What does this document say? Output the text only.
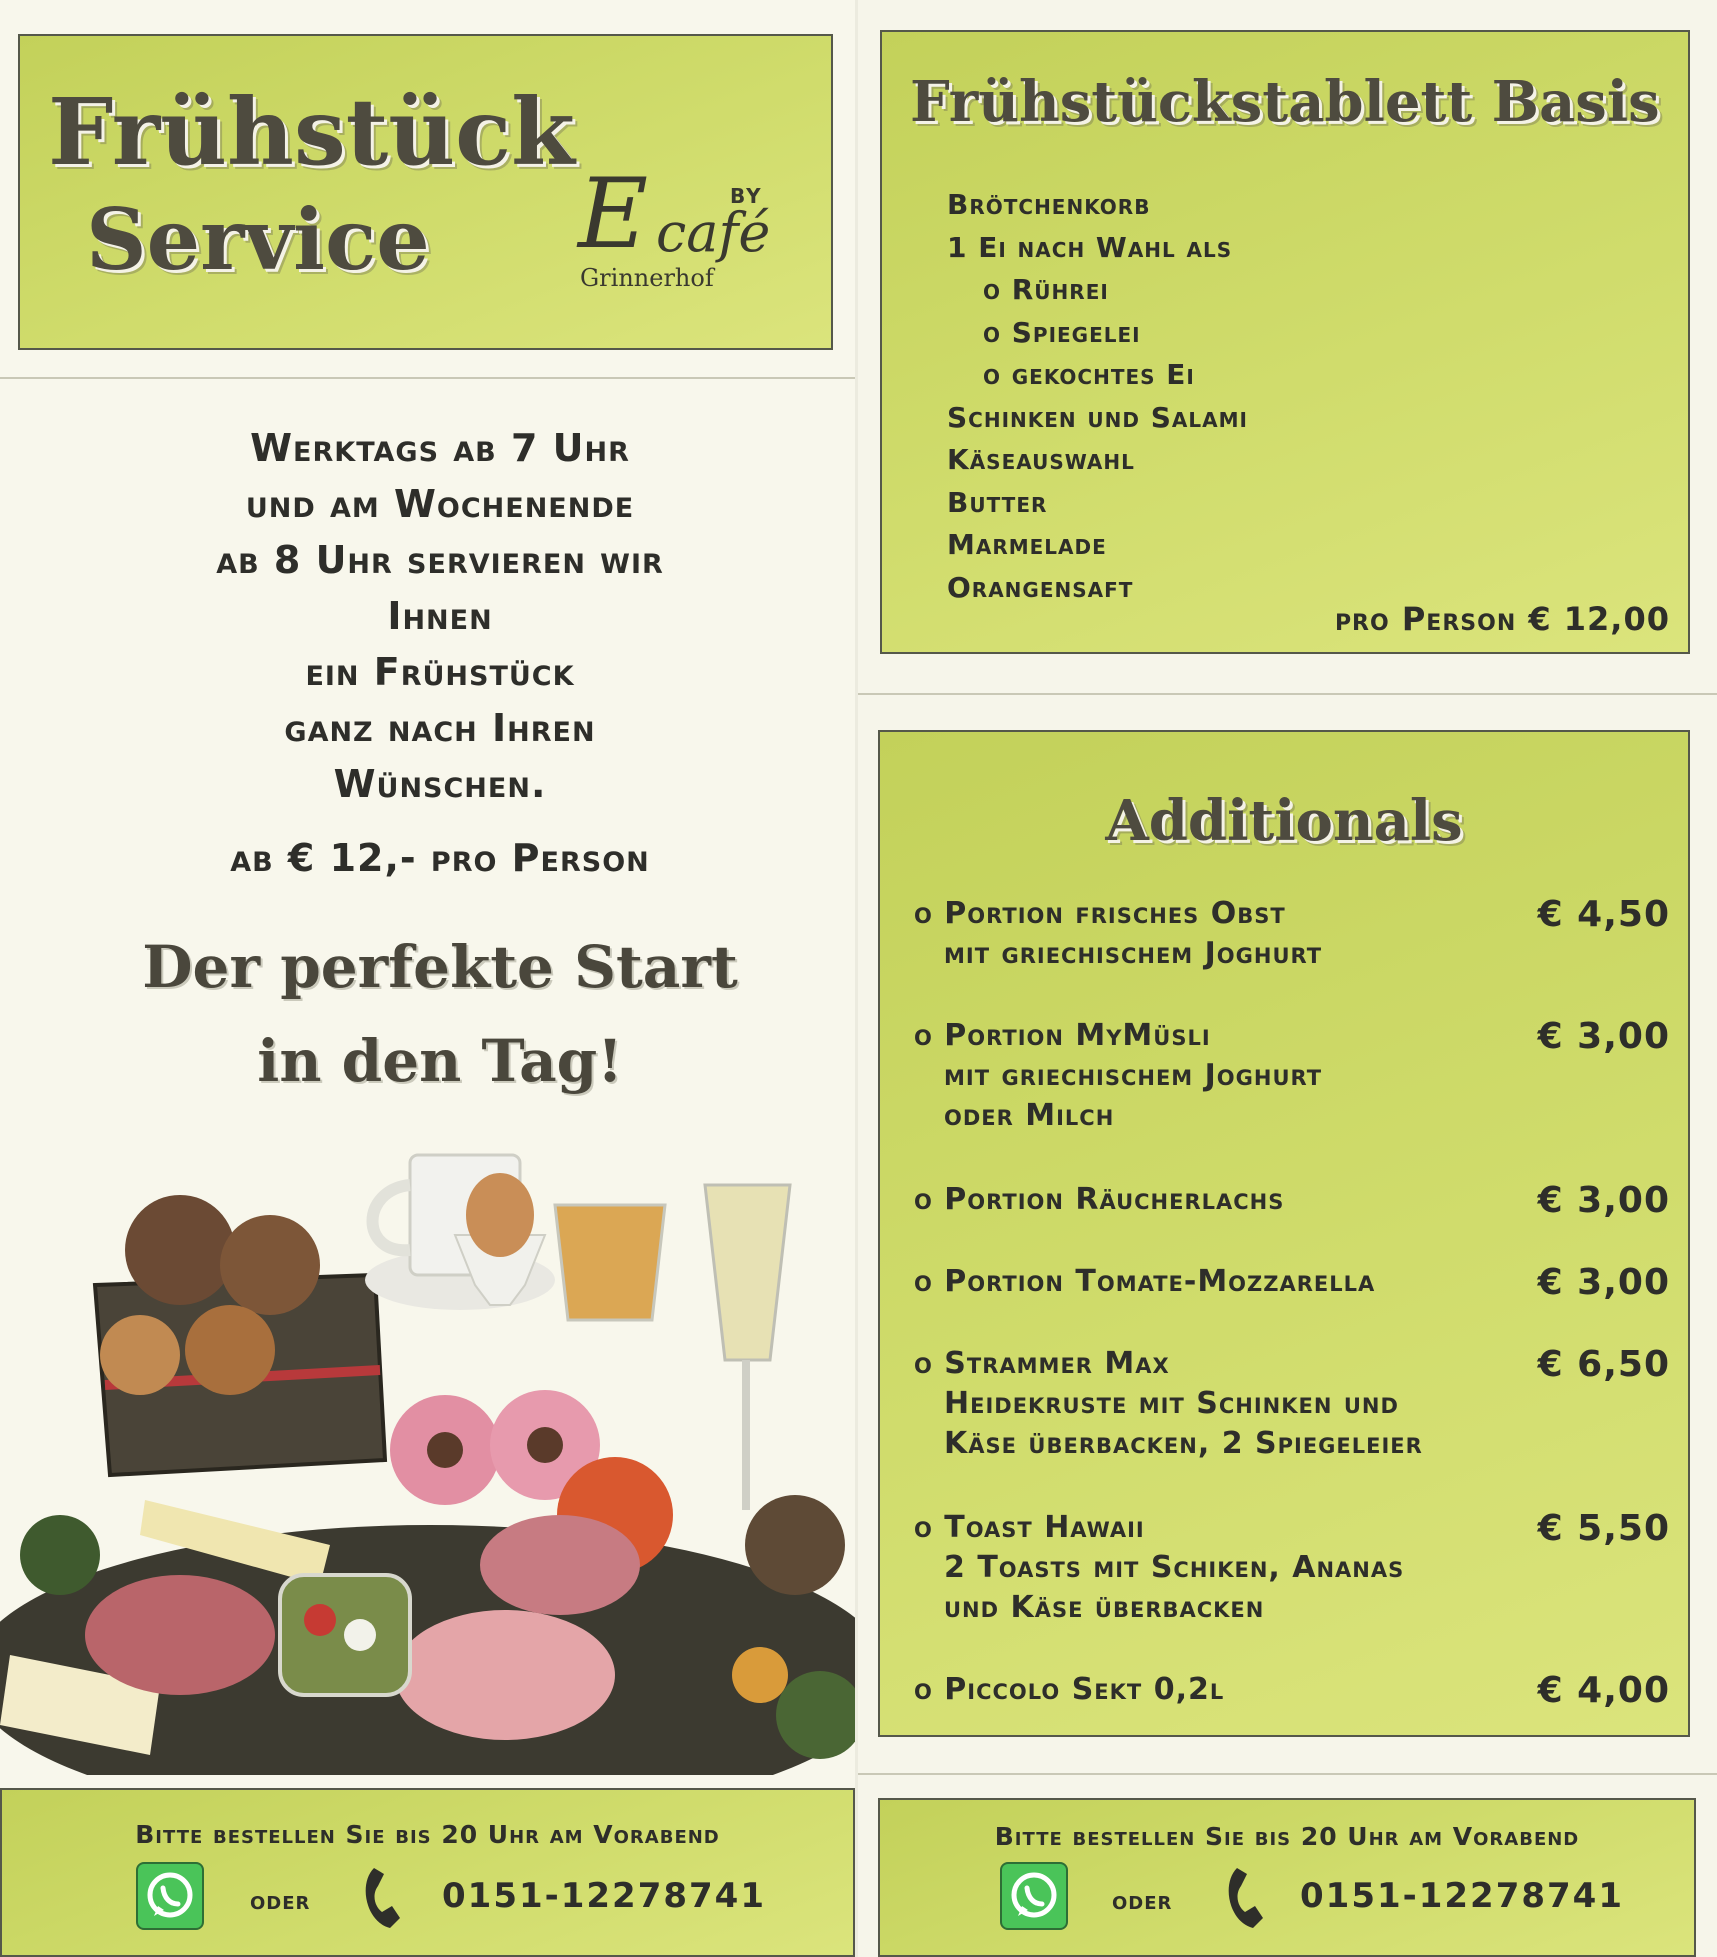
Frühstück
Service E	BY
café
Grinnerhof
Werktags ab 7 Uhr
und am Wochenende
ab 8 Uhr servieren wir
Ihnen
ein Frühstück
ganz nach Ihren
Wünschen.
ab € 12,- pro Person
Der perfekte Start
in den Tag!
Bitte bestellen Sie bis 20 Uhr am Vorabend
oder	0151-12278741
Frühstückstablett Basis
Brötchenkorb
1 Ei nach Wahl als
o Rührei
o Spiegelei
o gekochtes Ei
Schinken und Salami
Käseauswahl
Butter
Marmelade
Orangensaft
pro Person € 12,00
Additionals
o Portion frisches Obst
mit griechischem Joghurt
€ 4,50
o Portion MyMüsli
mit griechischem Joghurt
oder Milch
€ 3,00
o Portion Räucherlachs	€ 3,00
o Portion Tomate-Mozzarella	€ 3,00
o Strammer Max
Heidekruste mit Schinken und
Käse überbacken, 2 Spiegeleier
€ 6,50
o Toast Hawaii
2 Toasts mit Schiken, Ananas
und Käse überbacken
€ 5,50
o Piccolo Sekt 0,2l	€ 4,00
Bitte bestellen Sie bis 20 Uhr am Vorabend
oder	0151-12278741
